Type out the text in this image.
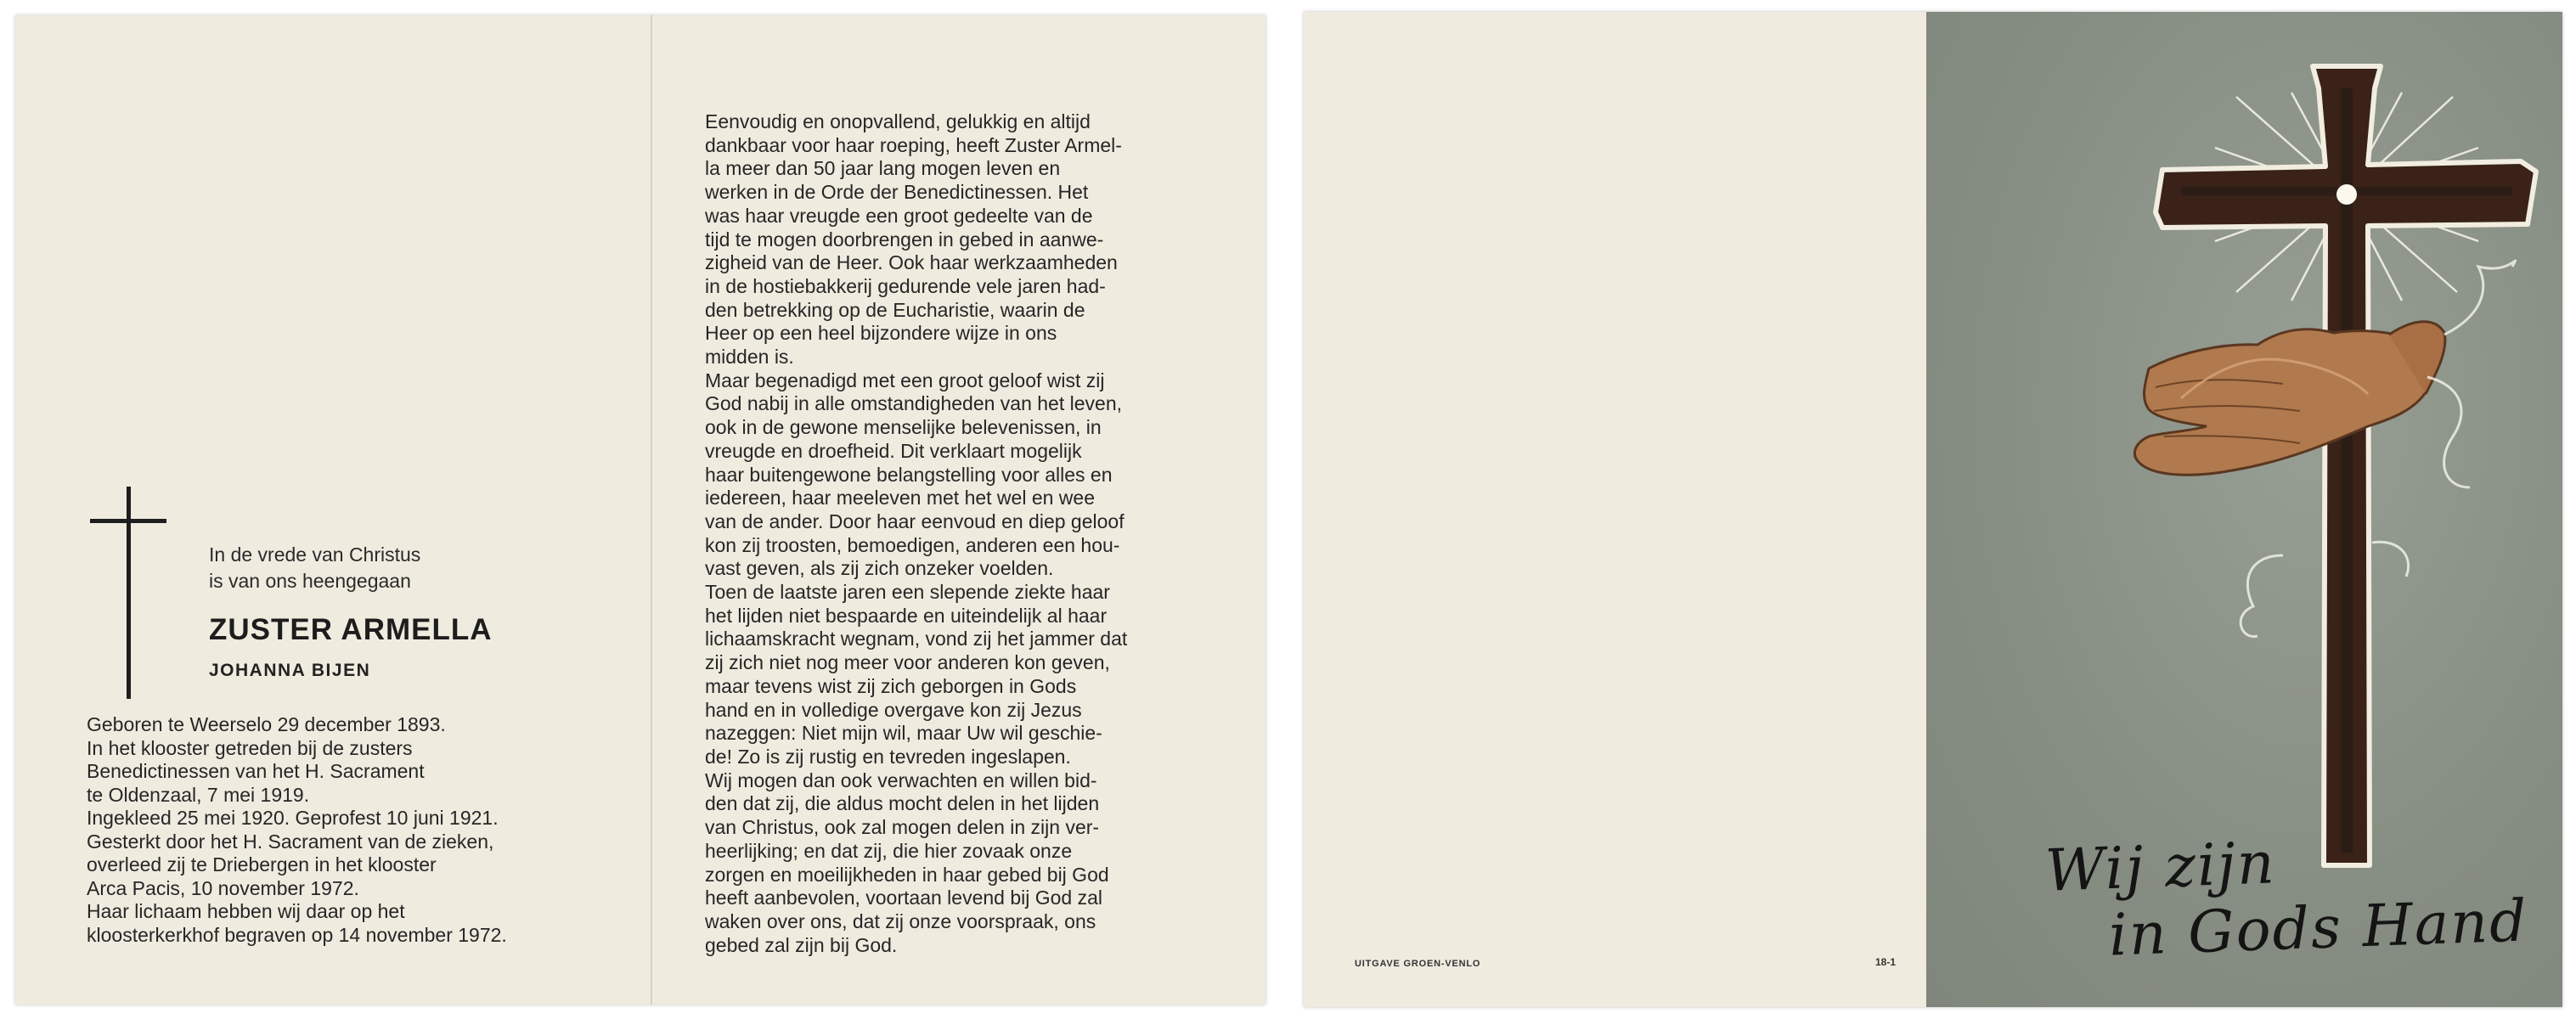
In de vrede van Christus
is van ons heengegaan
ZUSTER ARMELLA
JOHANNA BIJEN
Geboren te Weerselo 29 december 1893.
In het klooster getreden bij de zusters
Benedictinessen van het H. Sacrament
te Oldenzaal, 7 mei 1919.
Ingekleed 25 mei 1920. Geprofest 10 juni 1921.
Gesterkt door het H. Sacrament van de zieken,
overleed zij te Driebergen in het klooster
Arca Pacis, 10 november 1972.
Haar lichaam hebben wij daar op het
kloosterkerkhof begraven op 14 november 1972.
Eenvoudig en onopvallend, gelukkig en altijd
dankbaar voor haar roeping, heeft Zuster Armel-
la meer dan 50 jaar lang mogen leven en
werken in de Orde der Benedictinessen. Het
was haar vreugde een groot gedeelte van de
tijd te mogen doorbrengen in gebed in aanwe-
zigheid van de Heer. Ook haar werkzaamheden
in de hostiebakkerij gedurende vele jaren had-
den betrekking op de Eucharistie, waarin de
Heer op een heel bijzondere wijze in ons
midden is.
Maar begenadigd met een groot geloof wist zij
God nabij in alle omstandigheden van het leven,
ook in de gewone menselijke belevenissen, in
vreugde en droefheid. Dit verklaart mogelijk
haar buitengewone belangstelling voor alles en
iedereen, haar meeleven met het wel en wee
van de ander. Door haar eenvoud en diep geloof
kon zij troosten, bemoedigen, anderen een hou-
vast geven, als zij zich onzeker voelden.
Toen de laatste jaren een slepende ziekte haar
het lijden niet bespaarde en uiteindelijk al haar
lichaamskracht wegnam, vond zij het jammer dat
zij zich niet nog meer voor anderen kon geven,
maar tevens wist zij zich geborgen in Gods
hand en in volledige overgave kon zij Jezus
nazeggen: Niet mijn wil, maar Uw wil geschie-
de! Zo is zij rustig en tevreden ingeslapen.
Wij mogen dan ook verwachten en willen bid-
den dat zij, die aldus mocht delen in het lijden
van Christus, ook zal mogen delen in zijn ver-
heerlijking; en dat zij, die hier zovaak onze
zorgen en moeilijkheden in haar gebed bij God
heeft aanbevolen, voortaan levend bij God zal
waken over ons, dat zij onze voorspraak, ons
gebed zal zijn bij God.
UITGAVE GROEN-VENLO	18-1
Wij zijn
in Gods Hand
